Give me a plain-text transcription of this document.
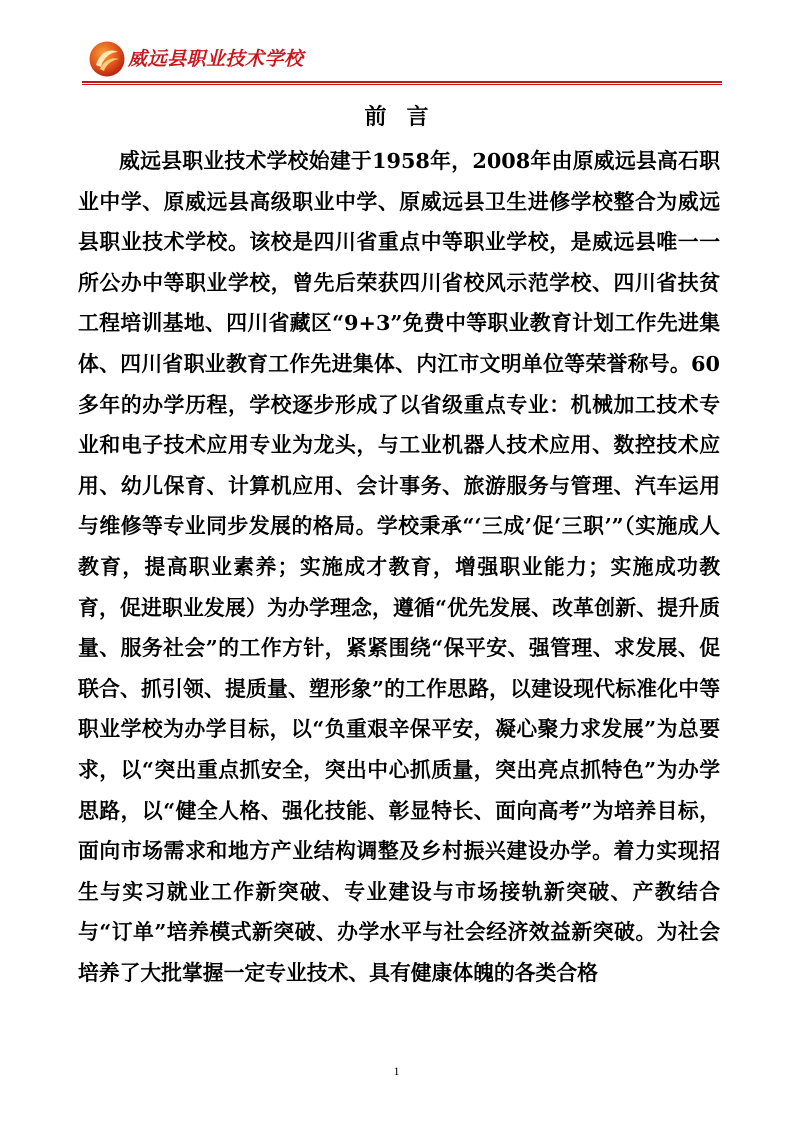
威远县职业技术学校
前言

威远县职业技术学校始建于1958年，2008年由原威远县高石职业中学、原威远县高级职业中学、原威远县卫生进修学校整合为威远县职业技术学校。该校是四川省重点中等职业学校，是威远县唯一一所公办中等职业学校，曾先后荣获四川省校风示范学校、四川省扶贫工程培训基地、四川省藏区“9+3”免费中等职业教育计划工作先进集体、四川省职业教育工作先进集体、内江市文明单位等荣誉称号。60多年的办学历程，学校逐步形成了以省级重点专业：机械加工技术专业和电子技术应用专业为龙头，与工业机器人技术应用、数控技术应用、幼儿保育、计算机应用、会计事务、旅游服务与管理、汽车运用与维修等专业同步发展的格局。学校秉承“‘三成’促‘三职’”（实施成人教育，提高职业素养；实施成才教育，增强职业能力；实施成功教育，促进职业发展）为办学理念，遵循“优先发展、改革创新、提升质量、服务社会”的工作方针，紧紧围绕“保平安、强管理、求发展、促联合、抓引领、提质量、塑形象”的工作思路，以建设现代标准化中等职业学校为办学目标，以“负重艰辛保平安，凝心聚力求发展”为总要求，以“突出重点抓安全，突出中心抓质量，突出亮点抓特色”为办学思路，以“健全人格、强化技能、彰显特长、面向高考”为培养目标，面向市场需求和地方产业结构调整及乡村振兴建设办学。着力实现招生与实习就业工作新突破、专业建设与市场接轨新突破、产教结合与“订单”培养模式新突破、办学水平与社会经济效益新突破。为社会培养了大批掌握一定专业技术、具有健康体魄的各类合格

1
